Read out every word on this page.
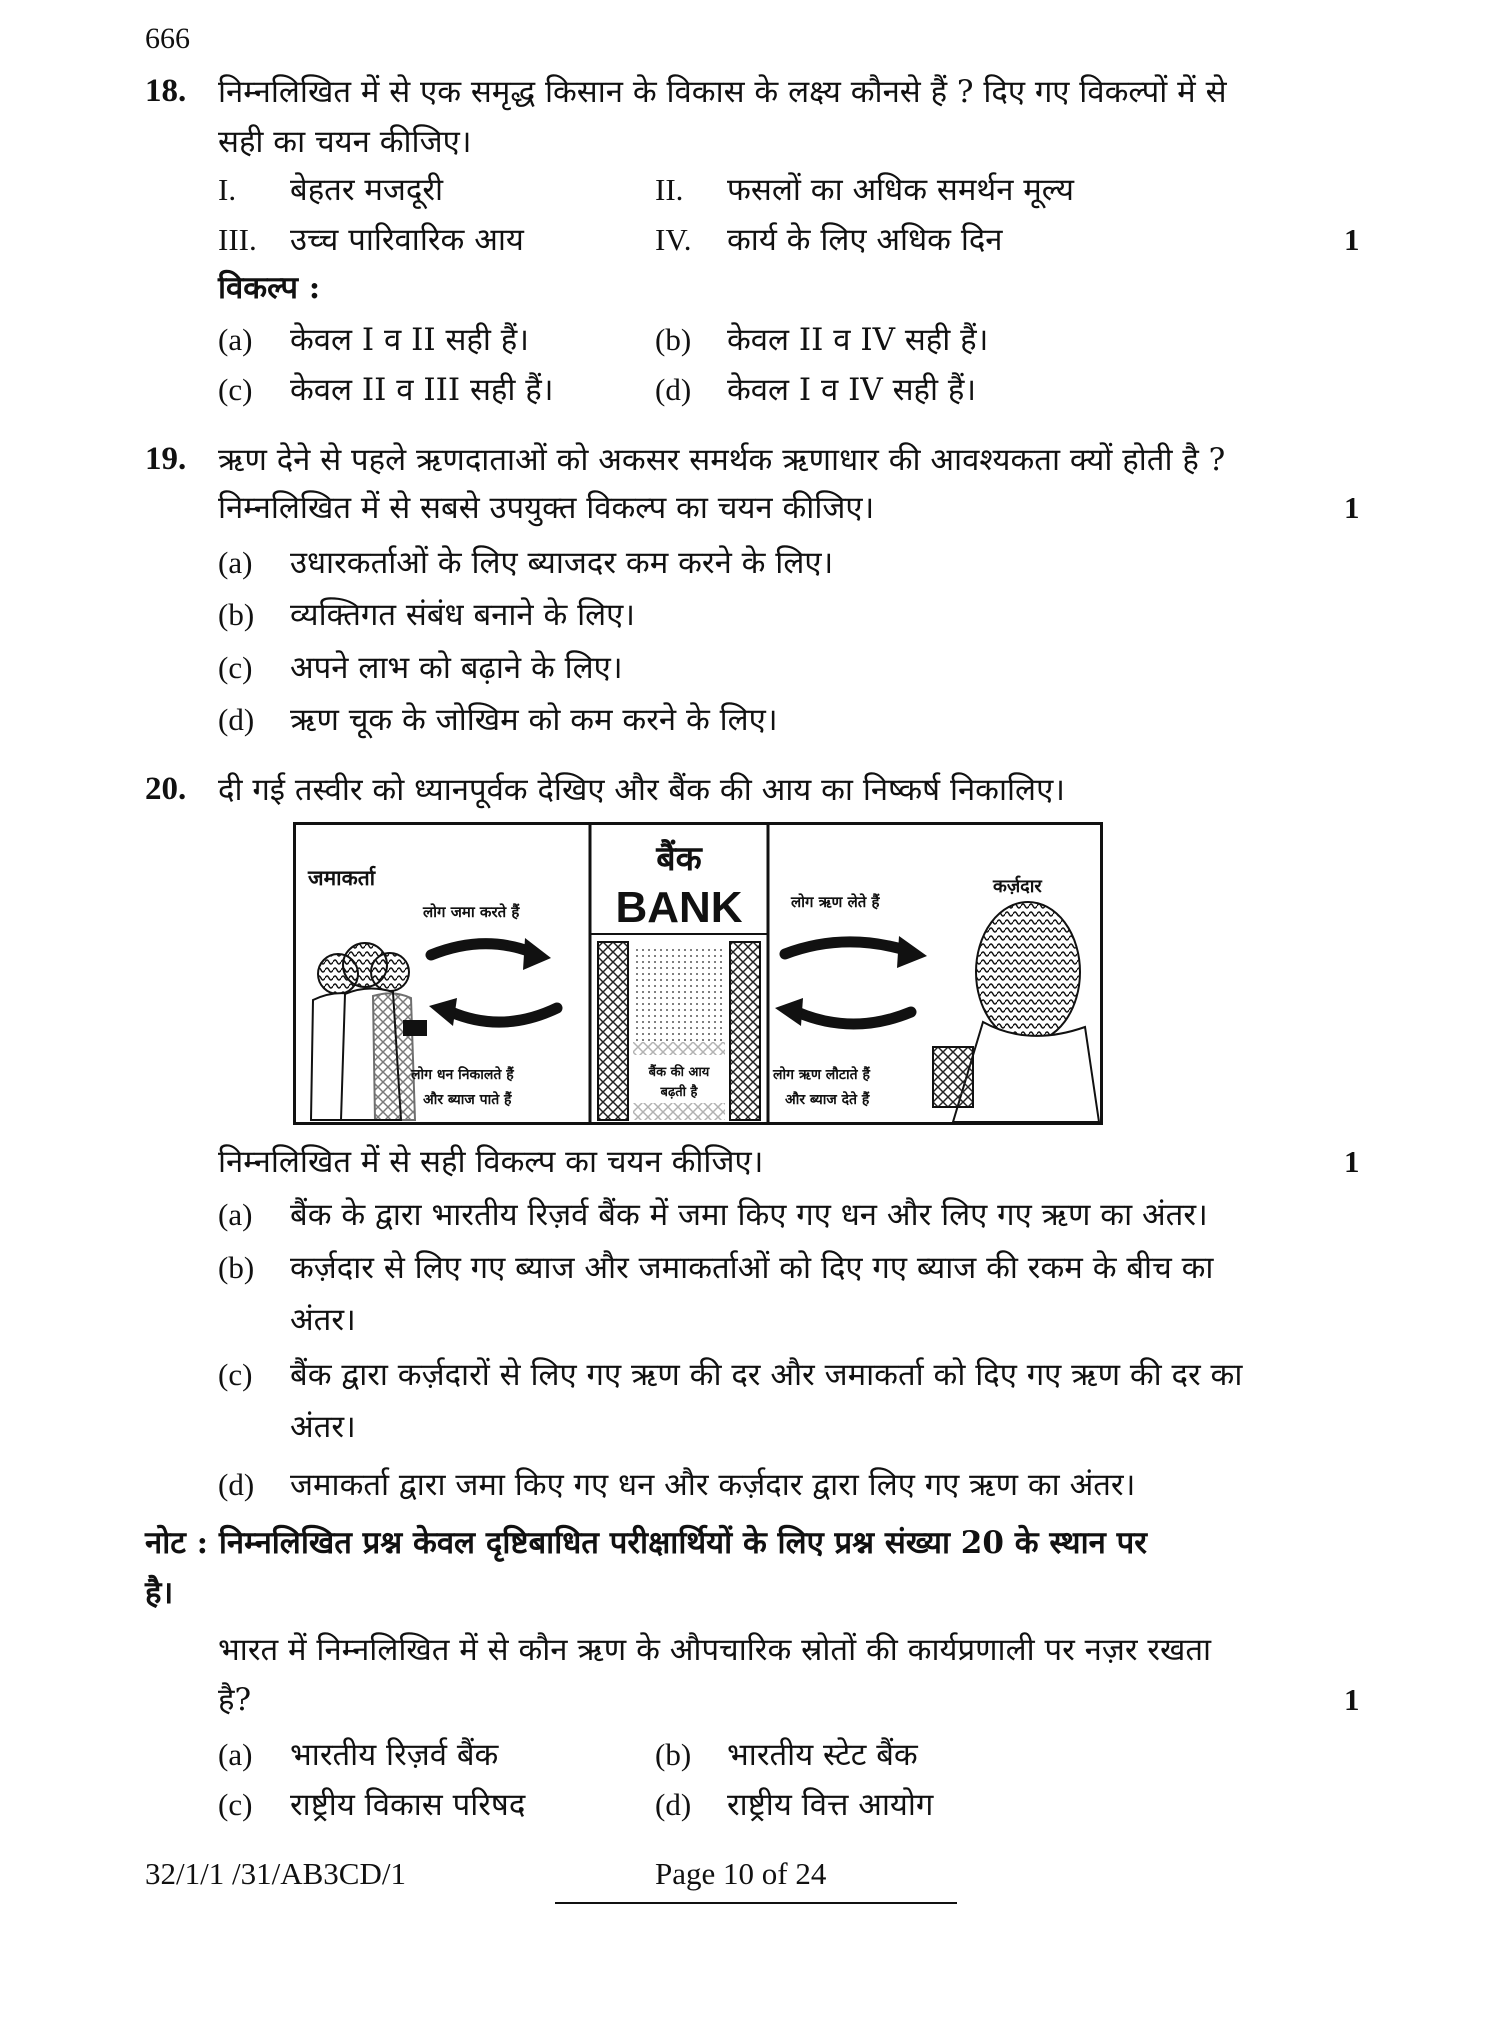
666
18. निम्नलिखित में से एक समृद्ध किसान के विकास के लक्ष्य कौनसे हैं ? दिए गए विकल्पों में से
सही का चयन कीजिए।
I. बेहतर मजदूरी	II. फसलों का अधिक समर्थन मूल्य
III. उच्च पारिवारिक आय	IV. कार्य के लिए अधिक दिन	1
विकल्प :
(a) केवल I व II सही हैं।	(b) केवल II व IV सही हैं।
(c) केवल II व III सही हैं।	(d) केवल I व IV सही हैं।
19. ऋण देने से पहले ऋणदाताओं को अकसर समर्थक ऋणाधार की आवश्यकता क्यों होती है ?
निम्नलिखित में से सबसे उपयुक्त विकल्प का चयन कीजिए।	1
(a) उधारकर्ताओं के लिए ब्याजदर कम करने के लिए।
(b) व्यक्तिगत संबंध बनाने के लिए।
(c) अपने लाभ को बढ़ाने के लिए।
(d) ऋण चूक के जोखिम को कम करने के लिए।
20. दी गई तस्वीर को ध्यानपूर्वक देखिए और बैंक की आय का निष्कर्ष निकालिए।
जमाकर्ता
लोग जमा करते हैं
बैंक
BANK	लोग ऋण लेते हैं
कर्ज़दार
लोग धन निकालते हैं
और ब्याज पाते हैं
बैंक की आय
बढ़ती है
लोग ऋण लौटाते हैं
और ब्याज देते हैं
निम्नलिखित में से सही विकल्प का चयन कीजिए।	1
(a) बैंक के द्वारा भारतीय रिज़र्व बैंक में जमा किए गए धन और लिए गए ऋण का अंतर।
(b) कर्ज़दार से लिए गए ब्याज और जमाकर्ताओं को दिए गए ब्याज की रकम के बीच का
अंतर।
(c) बैंक द्वारा कर्ज़दारों से लिए गए ऋण की दर और जमाकर्ता को दिए गए ऋण की दर का
अंतर।
(d) जमाकर्ता द्वारा जमा किए गए धन और कर्ज़दार द्वारा लिए गए ऋण का अंतर।
नोट : निम्नलिखित प्रश्न केवल दृष्टिबाधित परीक्षार्थियों के लिए प्रश्न संख्या 20 के स्थान पर
है।
भारत में निम्नलिखित में से कौन ऋण के औपचारिक स्रोतों की कार्यप्रणाली पर नज़र रखता
है?	1
(a) भारतीय रिज़र्व बैंक	(b) भारतीय स्टेट बैंक
(c) राष्ट्रीय विकास परिषद	(d) राष्ट्रीय वित्त आयोग
32/1/1 /31/AB3CD/1	Page 10 of 24
